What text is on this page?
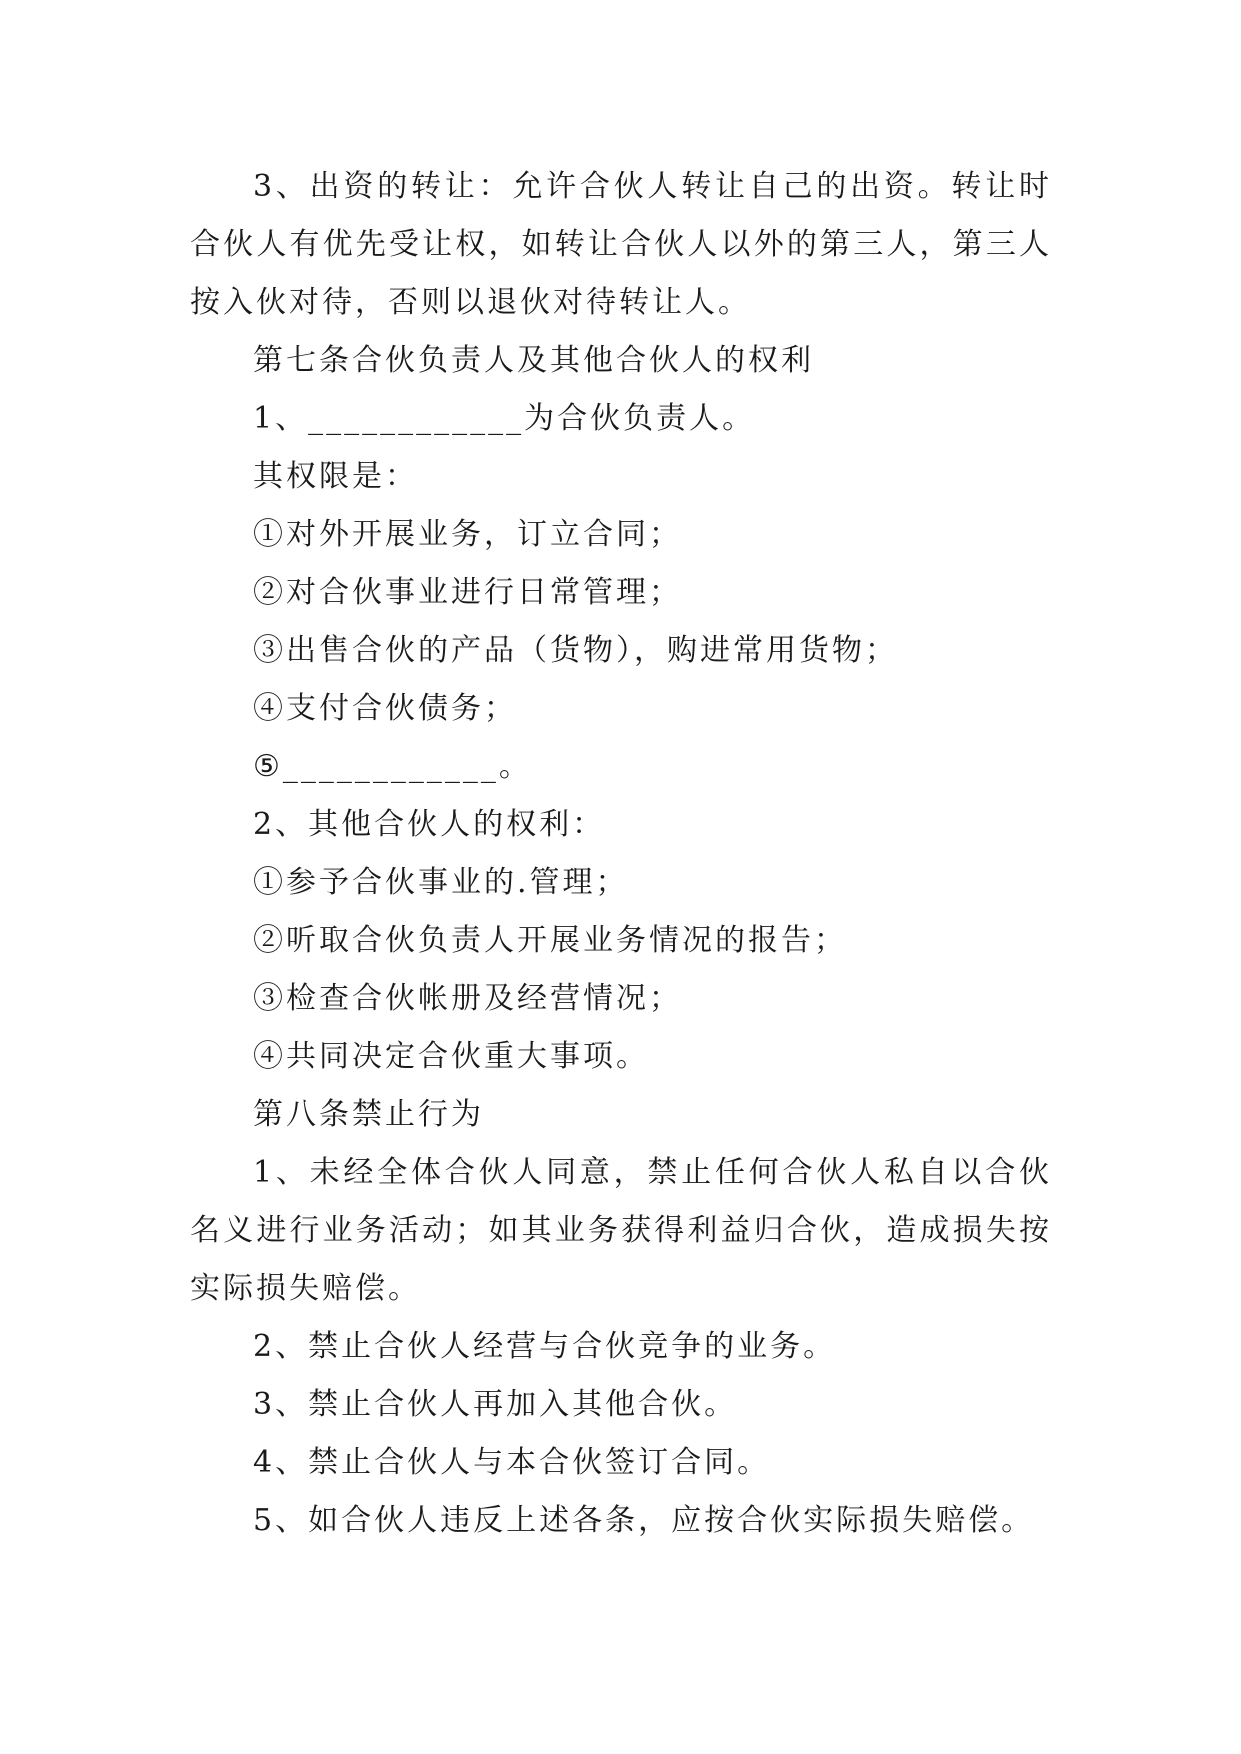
3、出资的转让：允许合伙人转让自己的出资。转让时合伙人有优先受让权，如转让合伙人以外的第三人，第三人按入伙对待，否则以退伙对待转让人。

第七条合伙负责人及其他合伙人的权利

1、____________为合伙负责人。

其权限是：

①对外开展业务，订立合同；

②对合伙事业进行日常管理；

③出售合伙的产品（货物），购进常用货物；

④支付合伙债务；

⑤____________。

2、其他合伙人的权利：

①参予合伙事业的.管理；

②听取合伙负责人开展业务情况的报告；

③检查合伙帐册及经营情况；

④共同决定合伙重大事项。

第八条禁止行为

1、未经全体合伙人同意，禁止任何合伙人私自以合伙名义进行业务活动；如其业务获得利益归合伙，造成损失按实际损失赔偿。

2、禁止合伙人经营与合伙竞争的业务。

3、禁止合伙人再加入其他合伙。

4、禁止合伙人与本合伙签订合同。

5、如合伙人违反上述各条，应按合伙实际损失赔偿。
